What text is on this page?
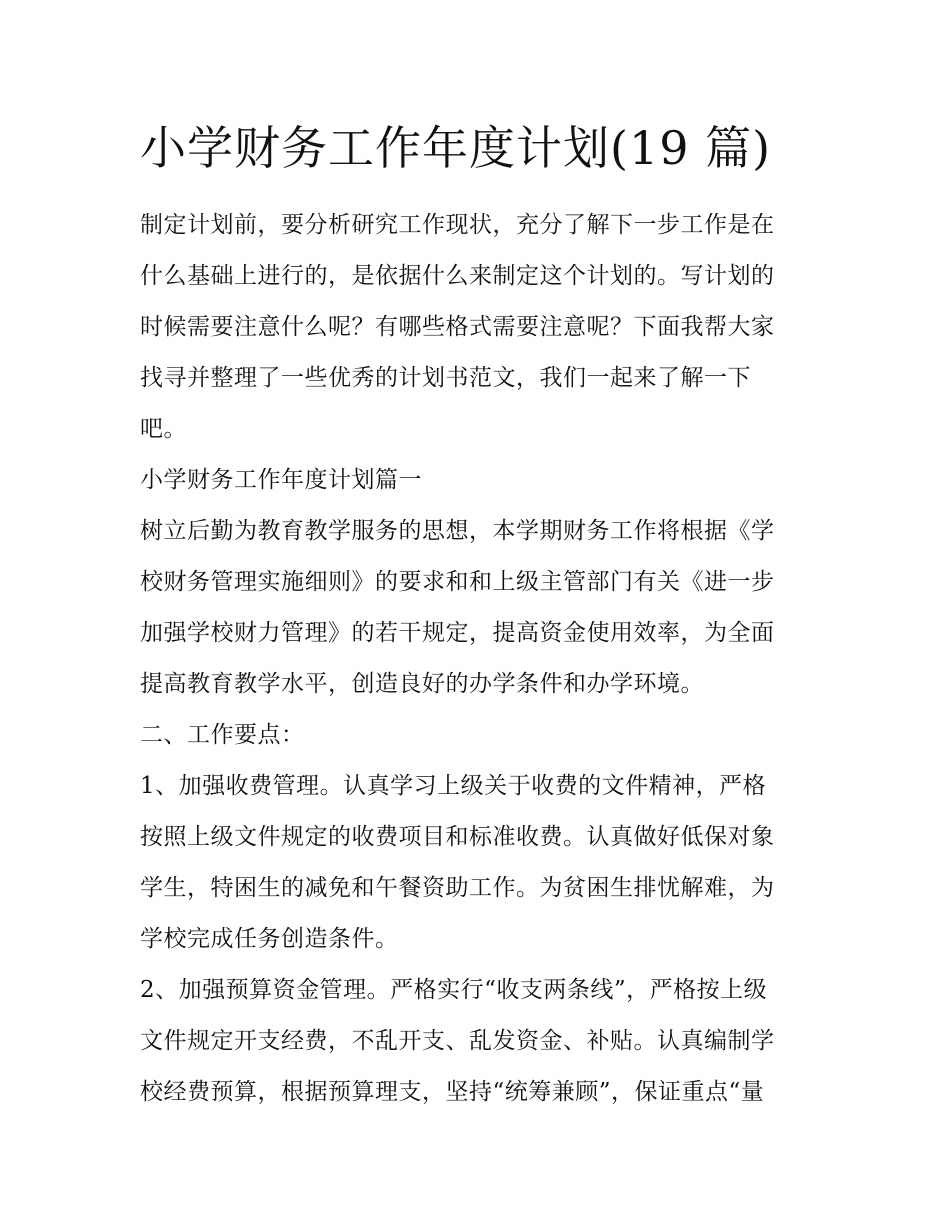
小学财务工作年度计划(19 篇)
制定计划前，要分析研究工作现状，充分了解下一步工作是在
什么基础上进行的，是依据什么来制定这个计划的。写计划的
时候需要注意什么呢？有哪些格式需要注意呢？下面我帮大家
找寻并整理了一些优秀的计划书范文，我们一起来了解一下
吧。
小学财务工作年度计划篇一
树立后勤为教育教学服务的思想，本学期财务工作将根据《学
校财务管理实施细则》的要求和和上级主管部门有关《进一步
加强学校财力管理》的若干规定，提高资金使用效率，为全面
提高教育教学水平，创造良好的办学条件和办学环境。
二、工作要点：
1、加强收费管理。认真学习上级关于收费的文件精神，严格
按照上级文件规定的收费项目和标准收费。认真做好低保对象
学生，特困生的减免和午餐资助工作。为贫困生排忧解难，为
学校完成任务创造条件。
2、加强预算资金管理。严格实行“收支两条线”，严格按上级
文件规定开支经费，不乱开支、乱发资金、补贴。认真编制学
校经费预算，根据预算理支，坚持“统筹兼顾”，保证重点“量
